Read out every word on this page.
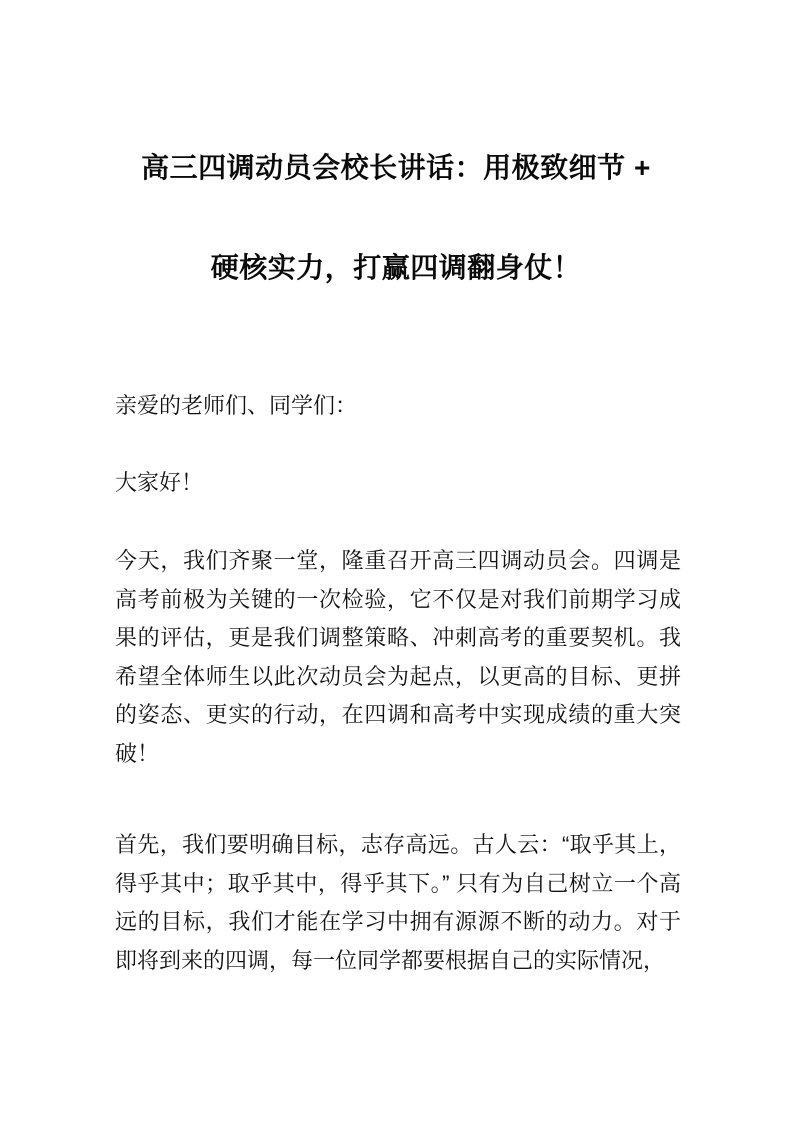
高三四调动员会校长讲话：用极致细节 +
硬核实力，打赢四调翻身仗！

亲爱的老师们、同学们：

大家好！

今天，我们齐聚一堂，隆重召开高三四调动员会。四调是高考前极为关键的一次检验，它不仅是对我们前期学习成果的评估，更是我们调整策略、冲刺高考的重要契机。我希望全体师生以此次动员会为起点，以更高的目标、更拼的姿态、更实的行动，在四调和高考中实现成绩的重大突破！

首先，我们要明确目标，志存高远。古人云：“取乎其上，得乎其中；取乎其中，得乎其下。” 只有为自己树立一个高远的目标，我们才能在学习中拥有源源不断的动力。对于即将到来的四调，每一位同学都要根据自己的实际情况，
